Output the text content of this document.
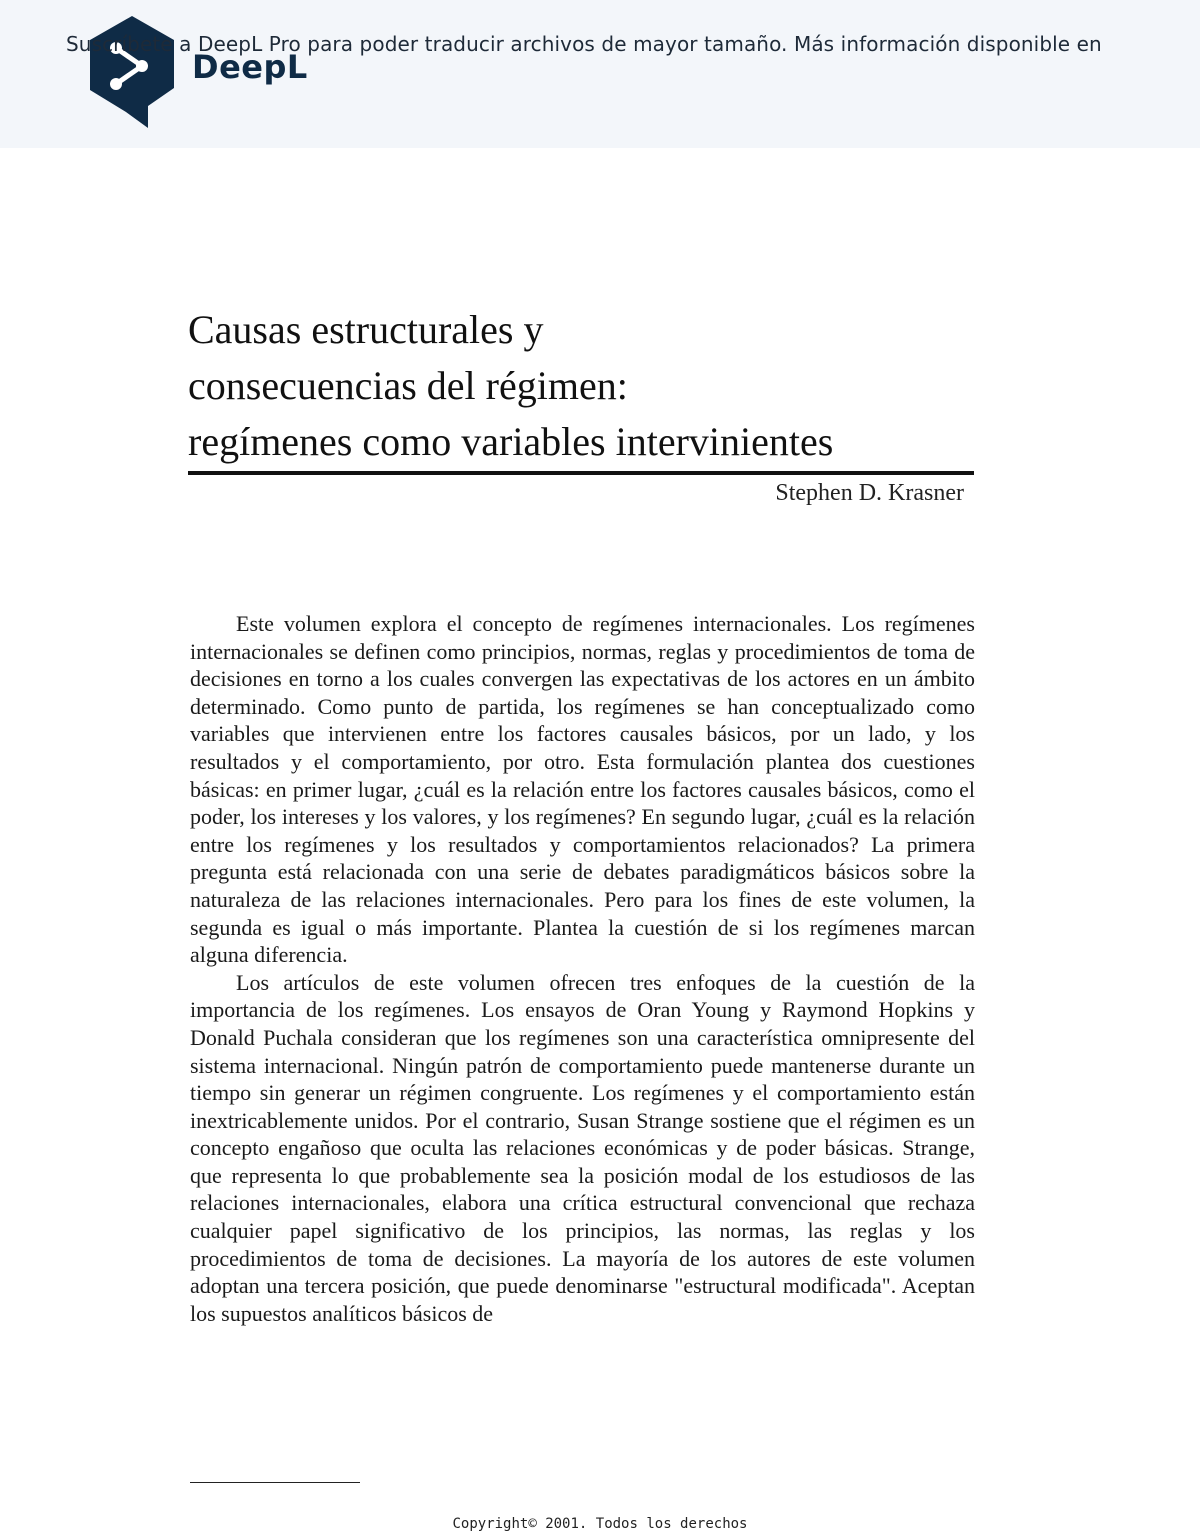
DeepL
Suscríbete a DeepL Pro para poder traducir archivos de mayor tamaño. Más información disponible en
Causas estructurales y
consecuencias del régimen:
regímenes como variables intervinientes
Stephen D. Krasner

Este volumen explora el concepto de regímenes internacionales. Los regímenes internacionales se definen como principios, normas, reglas y procedimientos de toma de decisiones en torno a los cuales convergen las expectativas de los actores en un ámbito determinado. Como punto de partida, los regímenes se han conceptualizado como variables que intervienen entre los factores causales básicos, por un lado, y los resultados y el comportamiento, por otro. Esta formulación plantea dos cuestiones básicas: en primer lugar, ¿cuál es la relación entre los factores causales básicos, como el poder, los intereses y los valores, y los regímenes? En segundo lugar, ¿cuál es la relación entre los regímenes y los resultados y comportamientos relacionados? La primera pregunta está relacionada con una serie de debates paradigmáticos básicos sobre la naturaleza de las relaciones internacionales. Pero para los fines de este volumen, la segunda es igual o más importante. Plantea la cuestión de si los regímenes marcan alguna diferencia.

Los artículos de este volumen ofrecen tres enfoques de la cuestión de la importancia de los regímenes. Los ensayos de Oran Young y Raymond Hopkins y Donald Puchala consideran que los regímenes son una característica omnipresente del sistema internacional. Ningún patrón de comportamiento puede mantenerse durante un tiempo sin generar un régimen congruente. Los regímenes y el comportamiento están inextricablemente unidos. Por el contrario, Susan Strange sostiene que el régimen es un concepto engañoso que oculta las relaciones económicas y de poder básicas. Strange, que representa lo que probablemente sea la posición modal de los estudiosos de las relaciones internacionales, elabora una crítica estructural convencional que rechaza cualquier papel significativo de los principios, las normas, las reglas y los procedimientos de toma de decisiones. La mayoría de los autores de este volumen adoptan una tercera posición, que puede denominarse "estructural modificada". Aceptan los supuestos analíticos básicos de

Copyright© 2001. Todos los derechos
